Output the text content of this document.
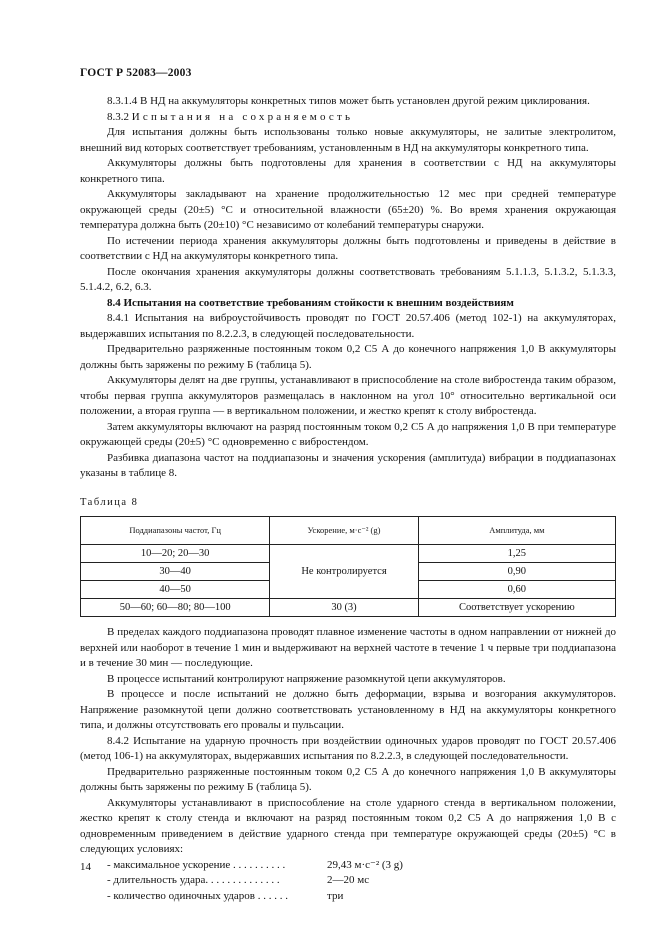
ГОСТ Р 52083—2003

8.3.1.4 В НД на аккумуляторы конкретных типов может быть установлен другой режим циклирования.

8.3.2 Испытания на сохраняемость

Для испытания должны быть использованы только новые аккумуляторы, не залитые электролитом, внешний вид которых соответствует требованиям, установленным в НД на аккумуляторы конкретного типа.

Аккумуляторы должны быть подготовлены для хранения в соответствии с НД на аккумуляторы конкретного типа.

Аккумуляторы закладывают на хранение продолжительностью 12 мес при средней температуре окружающей среды (20±5) °С и относительной влажности (65±20) %. Во время хранения окружающая температура должна быть (20±10) °С независимо от колебаний температуры снаружи.

По истечении периода хранения аккумуляторы должны быть подготовлены и приведены в действие в соответствии с НД на аккумуляторы конкретного типа.

После окончания хранения аккумуляторы должны соответствовать требованиям 5.1.1.3, 5.1.3.2, 5.1.3.3, 5.1.4.2, 6.2, 6.3.

8.4 Испытания на соответствие требованиям стойкости к внешним воздействиям

8.4.1 Испытания на виброустойчивость проводят по ГОСТ 20.57.406 (метод 102-1) на аккумуляторах, выдержавших испытания по 8.2.2.3, в следующей последовательности.

Предварительно разряженные постоянным током 0,2 C5 А до конечного напряжения 1,0 В аккумуляторы должны быть заряжены по режиму Б (таблица 5).

Аккумуляторы делят на две группы, устанавливают в приспособление на столе вибростенда таким образом, чтобы первая группа аккумуляторов размещалась в наклонном на угол 10° относительно вертикальной оси положении, а вторая группа — в вертикальном положении, и жестко крепят к столу вибростенда.

Затем аккумуляторы включают на разряд постоянным током 0,2 C5 А до напряжения 1,0 В при температуре окружающей среды (20±5) °С одновременно с вибростендом.

Разбивка диапазона частот на поддиапазоны и значения ускорения (амплитуда) вибрации в поддиапазонах указаны в таблице 8.

Таблица 8

Поддиапазоны частот, Гц	Ускорение, м·с⁻² (g)	Амплитуда, мм
10—20; 20—30	Не контролируется	1,25
30—40		0,90
40—50		0,60
50—60; 60—80; 80—100	30 (3)	Соответствует ускорению

В пределах каждого поддиапазона проводят плавное изменение частоты в одном направлении от нижней до верхней или наоборот в течение 1 мин и выдерживают на верхней частоте в течение 1 ч первые три поддиапазона и в течение 30 мин — последующие.

В процессе испытаний контролируют напряжение разомкнутой цепи аккумуляторов.

В процессе и после испытаний не должно быть деформации, взрыва и возгорания аккумуляторов. Напряжение разомкнутой цепи должно соответствовать установленному в НД на аккумуляторы конкретного типа, и должны отсутствовать его провалы и пульсации.

8.4.2 Испытание на ударную прочность при воздействии одиночных ударов проводят по ГОСТ 20.57.406 (метод 106-1) на аккумуляторах, выдержавших испытания по 8.2.2.3, в следующей последовательности.

Предварительно разряженные постоянным током 0,2 C5 А до конечного напряжения 1,0 В аккумуляторы должны быть заряжены по режиму Б (таблица 5).

Аккумуляторы устанавливают в приспособление на столе ударного стенда в вертикальном положении, жестко крепят к столу стенда и включают на разряд постоянным током 0,2 C5 А до напряжения 1,0 В с одновременным приведением в действие ударного стенда при температуре окружающей среды (20±5) °С в следующих условиях:

- максимальное ускорение . . . . . . . . . .	29,43 м·с⁻² (3 g)
- длительность удара. . . . . . . . . . . . . .	2—20 мс
- количество одиночных ударов . . . . . .	три
14
